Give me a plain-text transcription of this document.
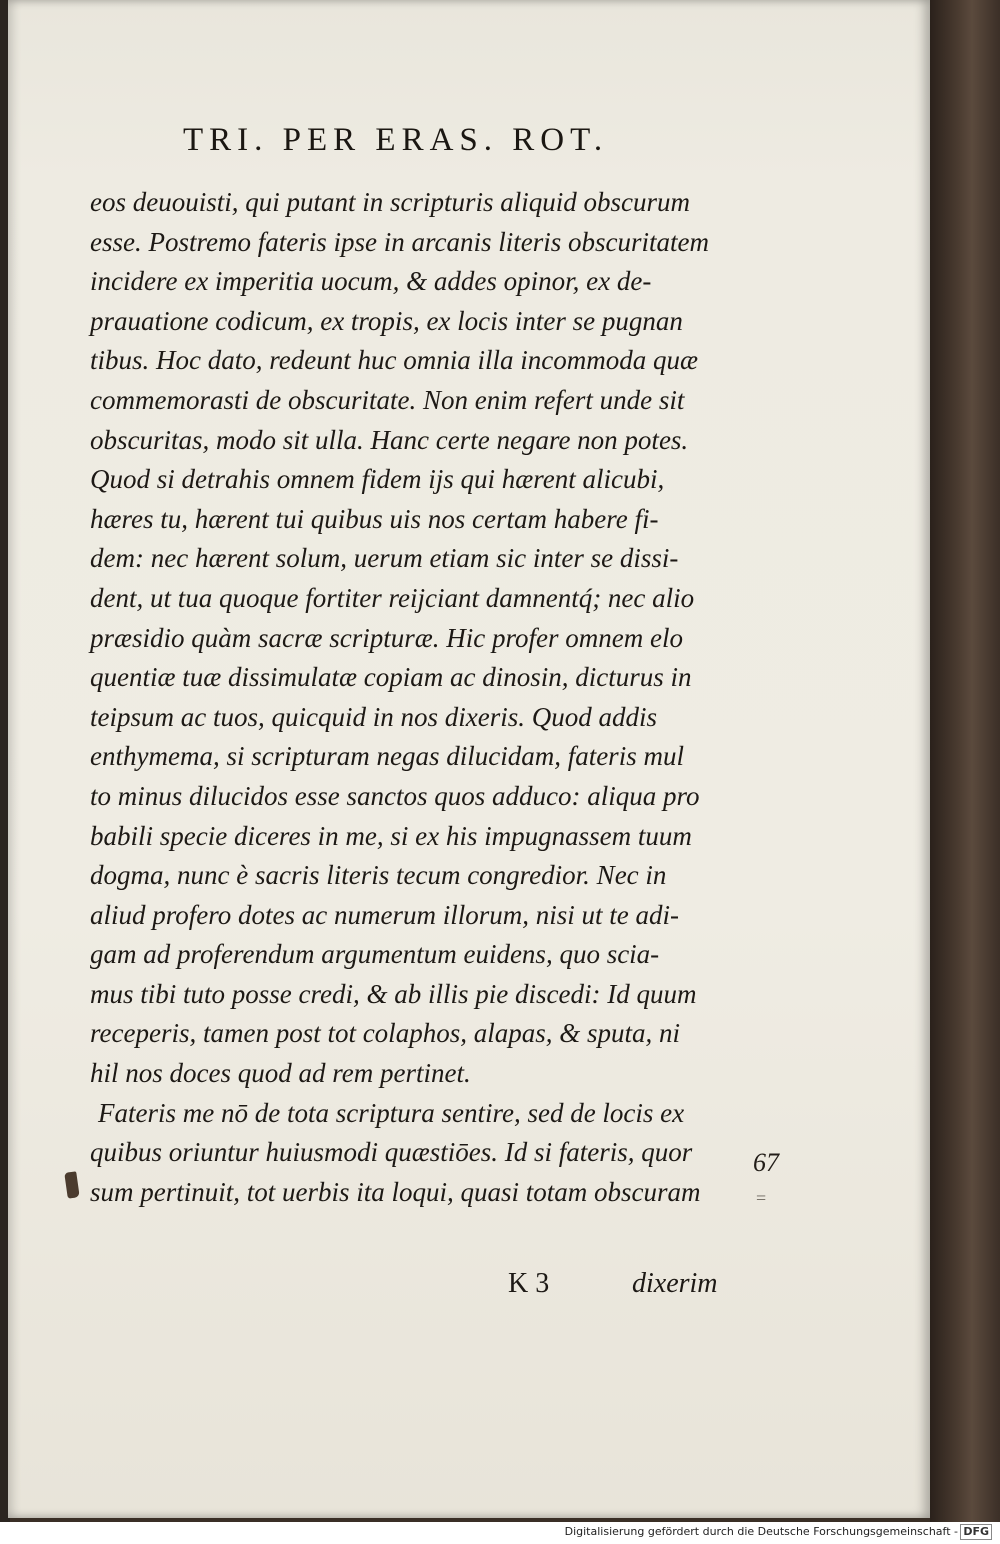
TRI. PER ERAS. ROT.
eos deuouisti, qui putant in scripturis aliquid obscurum
esse. Postremo fateris ipse in arcanis literis obscuritatem
incidere ex imperitia uocum, & addes opinor, ex de-
prauatione codicum, ex tropis, ex locis inter se pugnan
tibus. Hoc dato, redeunt huc omnia illa incommoda quæ
commemorasti de obscuritate. Non enim refert unde sit
obscuritas, modo sit ulla. Hanc certe negare non potes.
Quod si detrahis omnem fidem ijs qui hærent alicubi,
hæres tu, hærent tui quibus uis nos certam habere fi-
dem: nec hærent solum, uerum etiam sic inter se dissi-
dent, ut tua quoque fortiter reijciant damnentq́; nec alio
præsidio quàm sacræ scripturæ. Hic profer omnem elo
quentiæ tuæ dissimulatæ copiam ac dinosin, dicturus in
teipsum ac tuos, quicquid in nos dixeris. Quod addis
enthymema, si scripturam negas dilucidam, fateris mul
to minus dilucidos esse sanctos quos adduco: aliqua pro
babili specie diceres in me, si ex his impugnassem tuum
dogma, nunc è sacris literis tecum congredior. Nec in
aliud profero dotes ac numerum illorum, nisi ut te adi-
gam ad proferendum argumentum euidens, quo scia-
mus tibi tuto posse credi, & ab illis pie discedi: Id quum
receperis, tamen post tot colaphos, alapas, & sputa, ni
hil nos doces quod ad rem pertinet.
Fateris me nō de tota scriptura sentire, sed de locis ex
quibus oriuntur huiusmodi quæstiōes. Id si fateris, quor
sum pertinuit, tot uerbis ita loqui, quasi totam obscuram
67
=
K 3	dixerim
Digitalisierung gefördert durch die Deutsche Forschungsgemeinschaft - DFG
